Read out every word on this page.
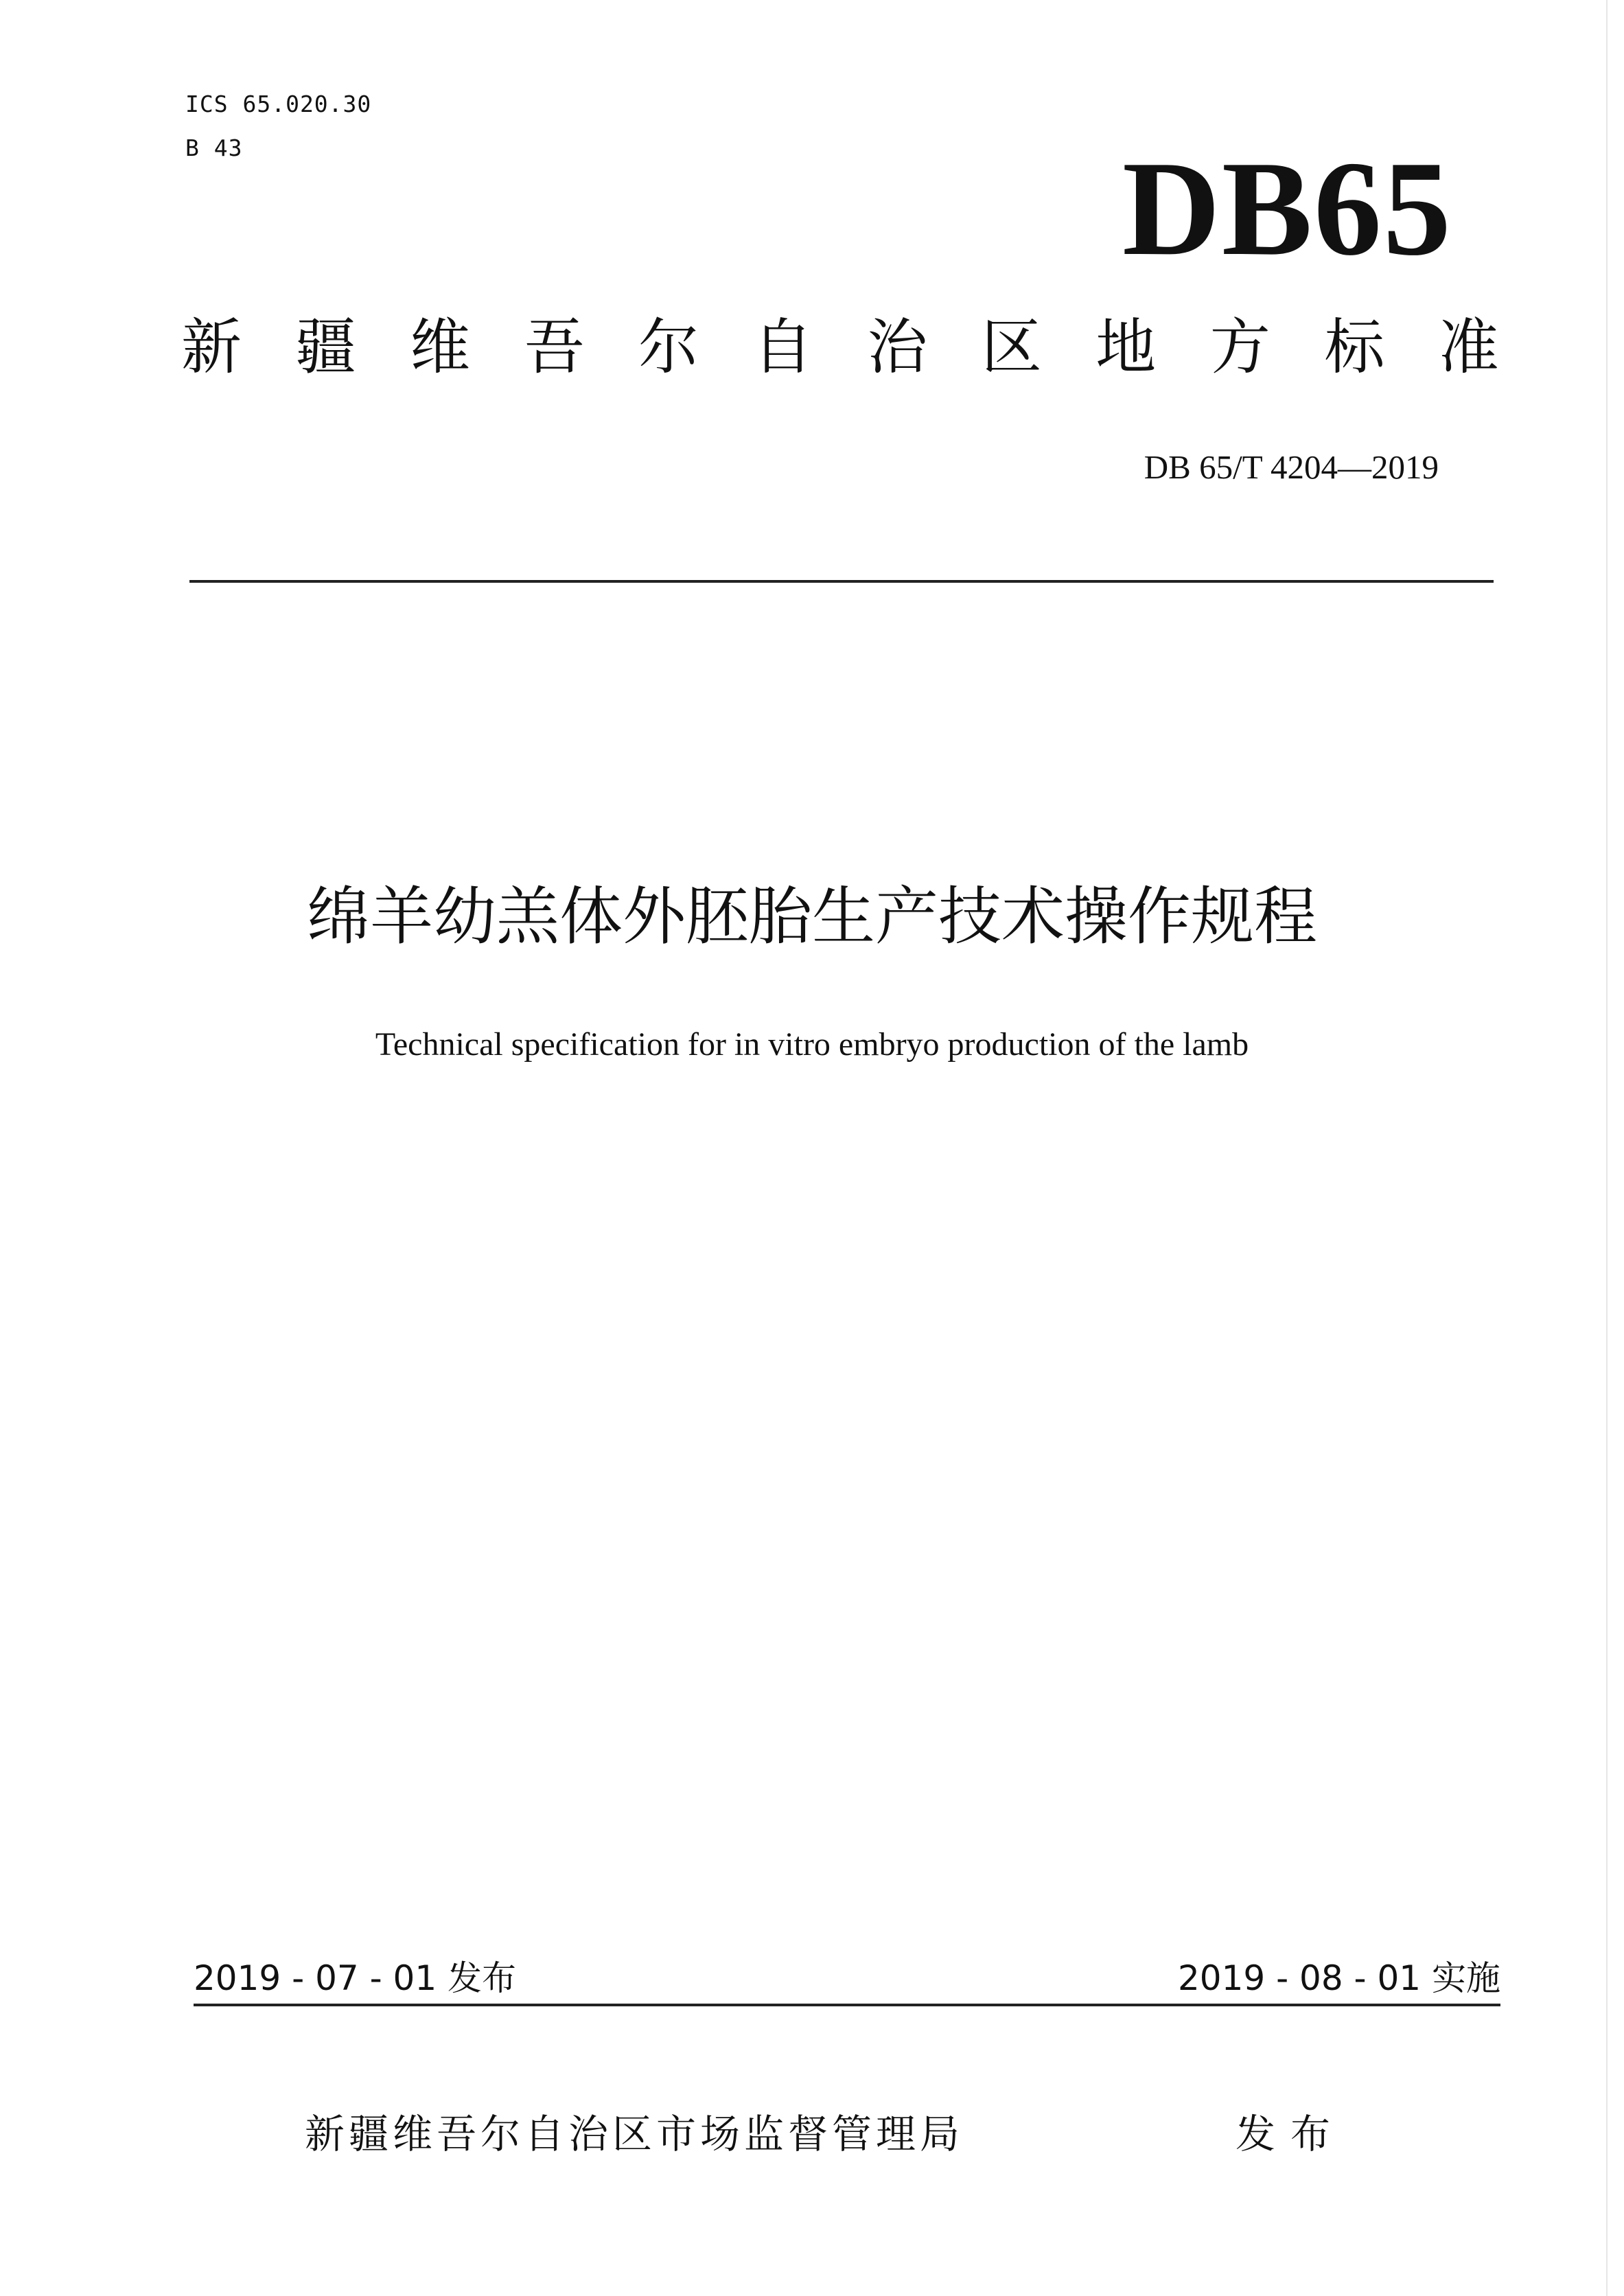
ICS 65.020.30
B 43	DB65
新 疆 维 吾 尔 自 治 区 地 方 标 准
DB 65/T 4204—2019
绵羊幼羔体外胚胎生产技术操作规程
Technical specification for in vitro embryo production of the lamb
2019 - 07 - 01 发布	2019 - 08 - 01 实施
新疆维吾尔自治区市场监督管理局	发布
